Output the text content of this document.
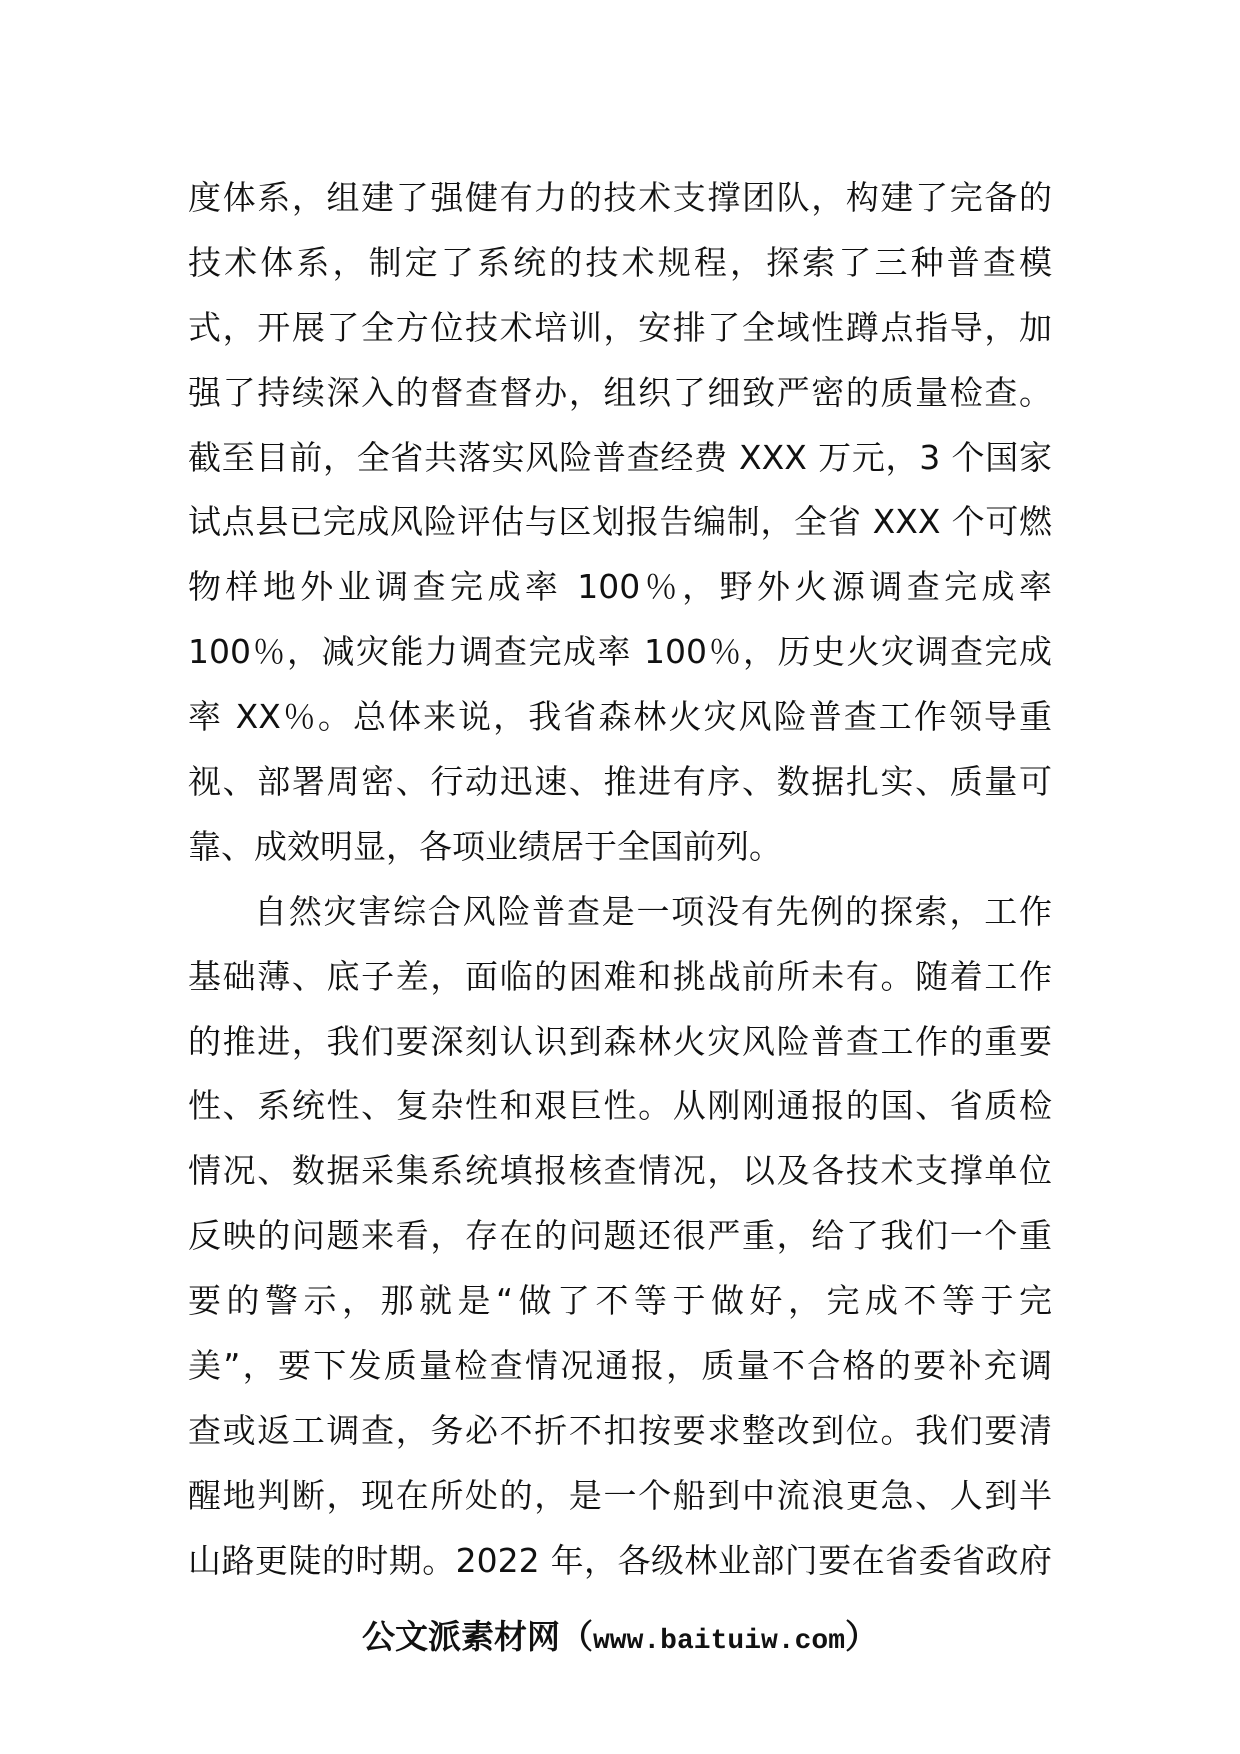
度体系，组建了强健有力的技术支撑团队，构建了完备的
技术体系，制定了系统的技术规程，探索了三种普查模
式，开展了全方位技术培训，安排了全域性蹲点指导，加
强了持续深入的督查督办，组织了细致严密的质量检查。
截至目前，全省共落实风险普查经费 XXX 万元，3 个国家
试点县已完成风险评估与区划报告编制，全省 XXX 个可燃
物样地外业调查完成率 100％，野外火源调查完成率
100％，减灾能力调查完成率 100％，历史火灾调查完成
率 XX％。总体来说，我省森林火灾风险普查工作领导重
视、部署周密、行动迅速、推进有序、数据扎实、质量可
靠、成效明显，各项业绩居于全国前列。
自然灾害综合风险普查是一项没有先例的探索，工作
基础薄、底子差，面临的困难和挑战前所未有。随着工作
的推进，我们要深刻认识到森林火灾风险普查工作的重要
性、系统性、复杂性和艰巨性。从刚刚通报的国、省质检
情况、数据采集系统填报核查情况，以及各技术支撑单位
反映的问题来看，存在的问题还很严重，给了我们一个重
要的警示，那就是“做了不等于做好，完成不等于完
美”，要下发质量检查情况通报，质量不合格的要补充调
查或返工调查，务必不折不扣按要求整改到位。我们要清
醒地判断，现在所处的，是一个船到中流浪更急、人到半
山路更陡的时期。2022 年，各级林业部门要在省委省政府
公文派素材网（www.baituiw.com）
